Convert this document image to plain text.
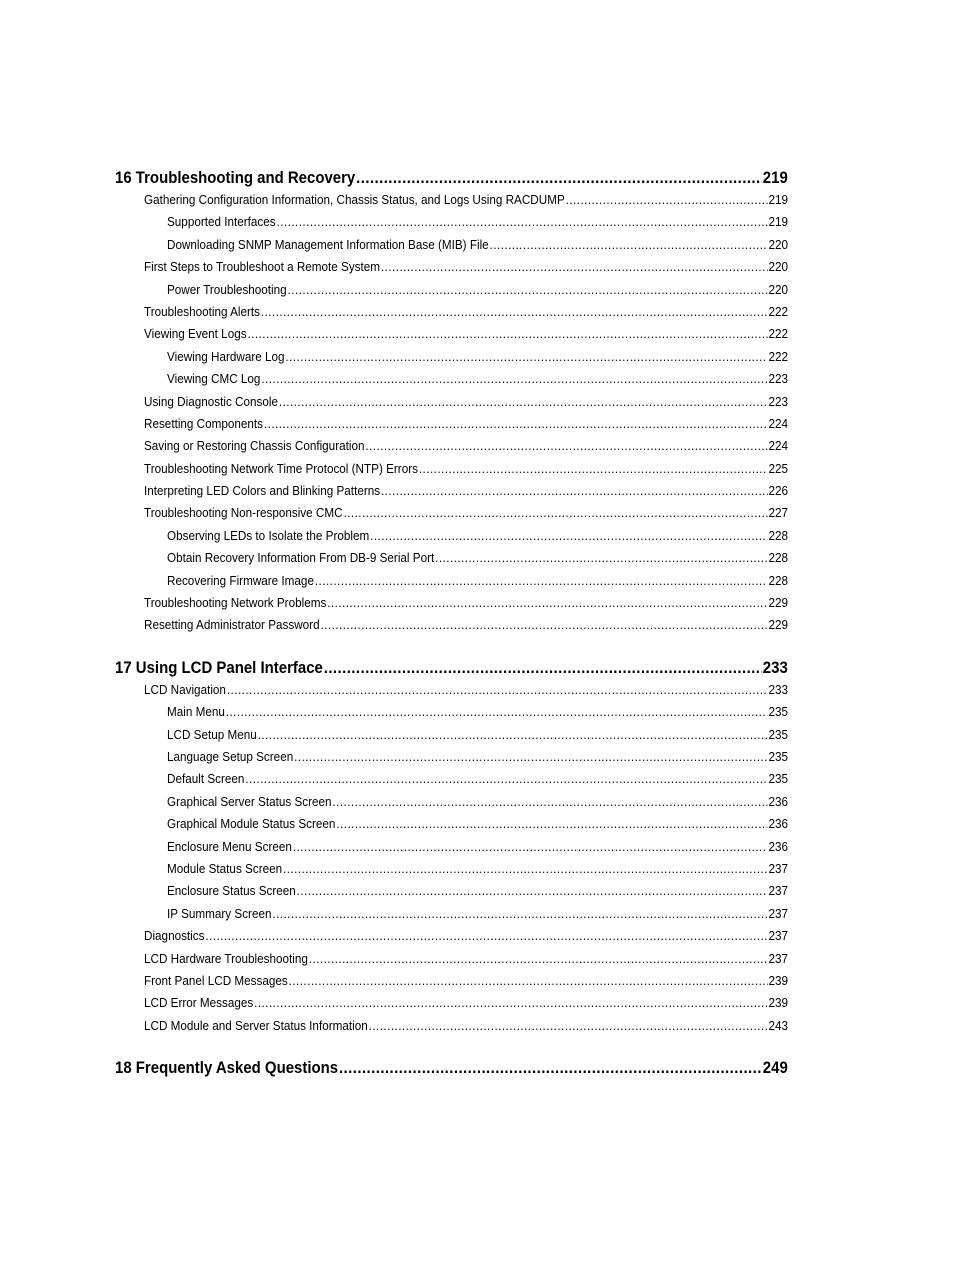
16 Troubleshooting and Recovery .....	219
Gathering Configuration Information, Chassis Status, and Logs Using RACDUMP .....	219
Supported Interfaces .....	219
Downloading SNMP Management Information Base (MIB) File .....	220
First Steps to Troubleshoot a Remote System .....	220
Power Troubleshooting .....	220
Troubleshooting Alerts .....	222
Viewing Event Logs .....	222
Viewing Hardware Log .....	222
Viewing CMC Log .....	223
Using Diagnostic Console .....	223
Resetting Components .....	224
Saving or Restoring Chassis Configuration .....	224
Troubleshooting Network Time Protocol (NTP) Errors .....	225
Interpreting LED Colors and Blinking Patterns .....	226
Troubleshooting Non-responsive CMC .....	227
Observing LEDs to Isolate the Problem .....	228
Obtain Recovery Information From DB-9 Serial Port .....	228
Recovering Firmware Image .....	228
Troubleshooting Network Problems .....	229
Resetting Administrator Password .....	229
17 Using LCD Panel Interface .....	233
LCD Navigation .....	233
Main Menu .....	235
LCD Setup Menu .....	235
Language Setup Screen .....	235
Default Screen .....	235
Graphical Server Status Screen .....	236
Graphical Module Status Screen .....	236
Enclosure Menu Screen .....	236
Module Status Screen .....	237
Enclosure Status Screen .....	237
IP Summary Screen .....	237
Diagnostics .....	237
LCD Hardware Troubleshooting .....	237
Front Panel LCD Messages .....	239
LCD Error Messages .....	239
LCD Module and Server Status Information .....	243
18 Frequently Asked Questions .....	249
